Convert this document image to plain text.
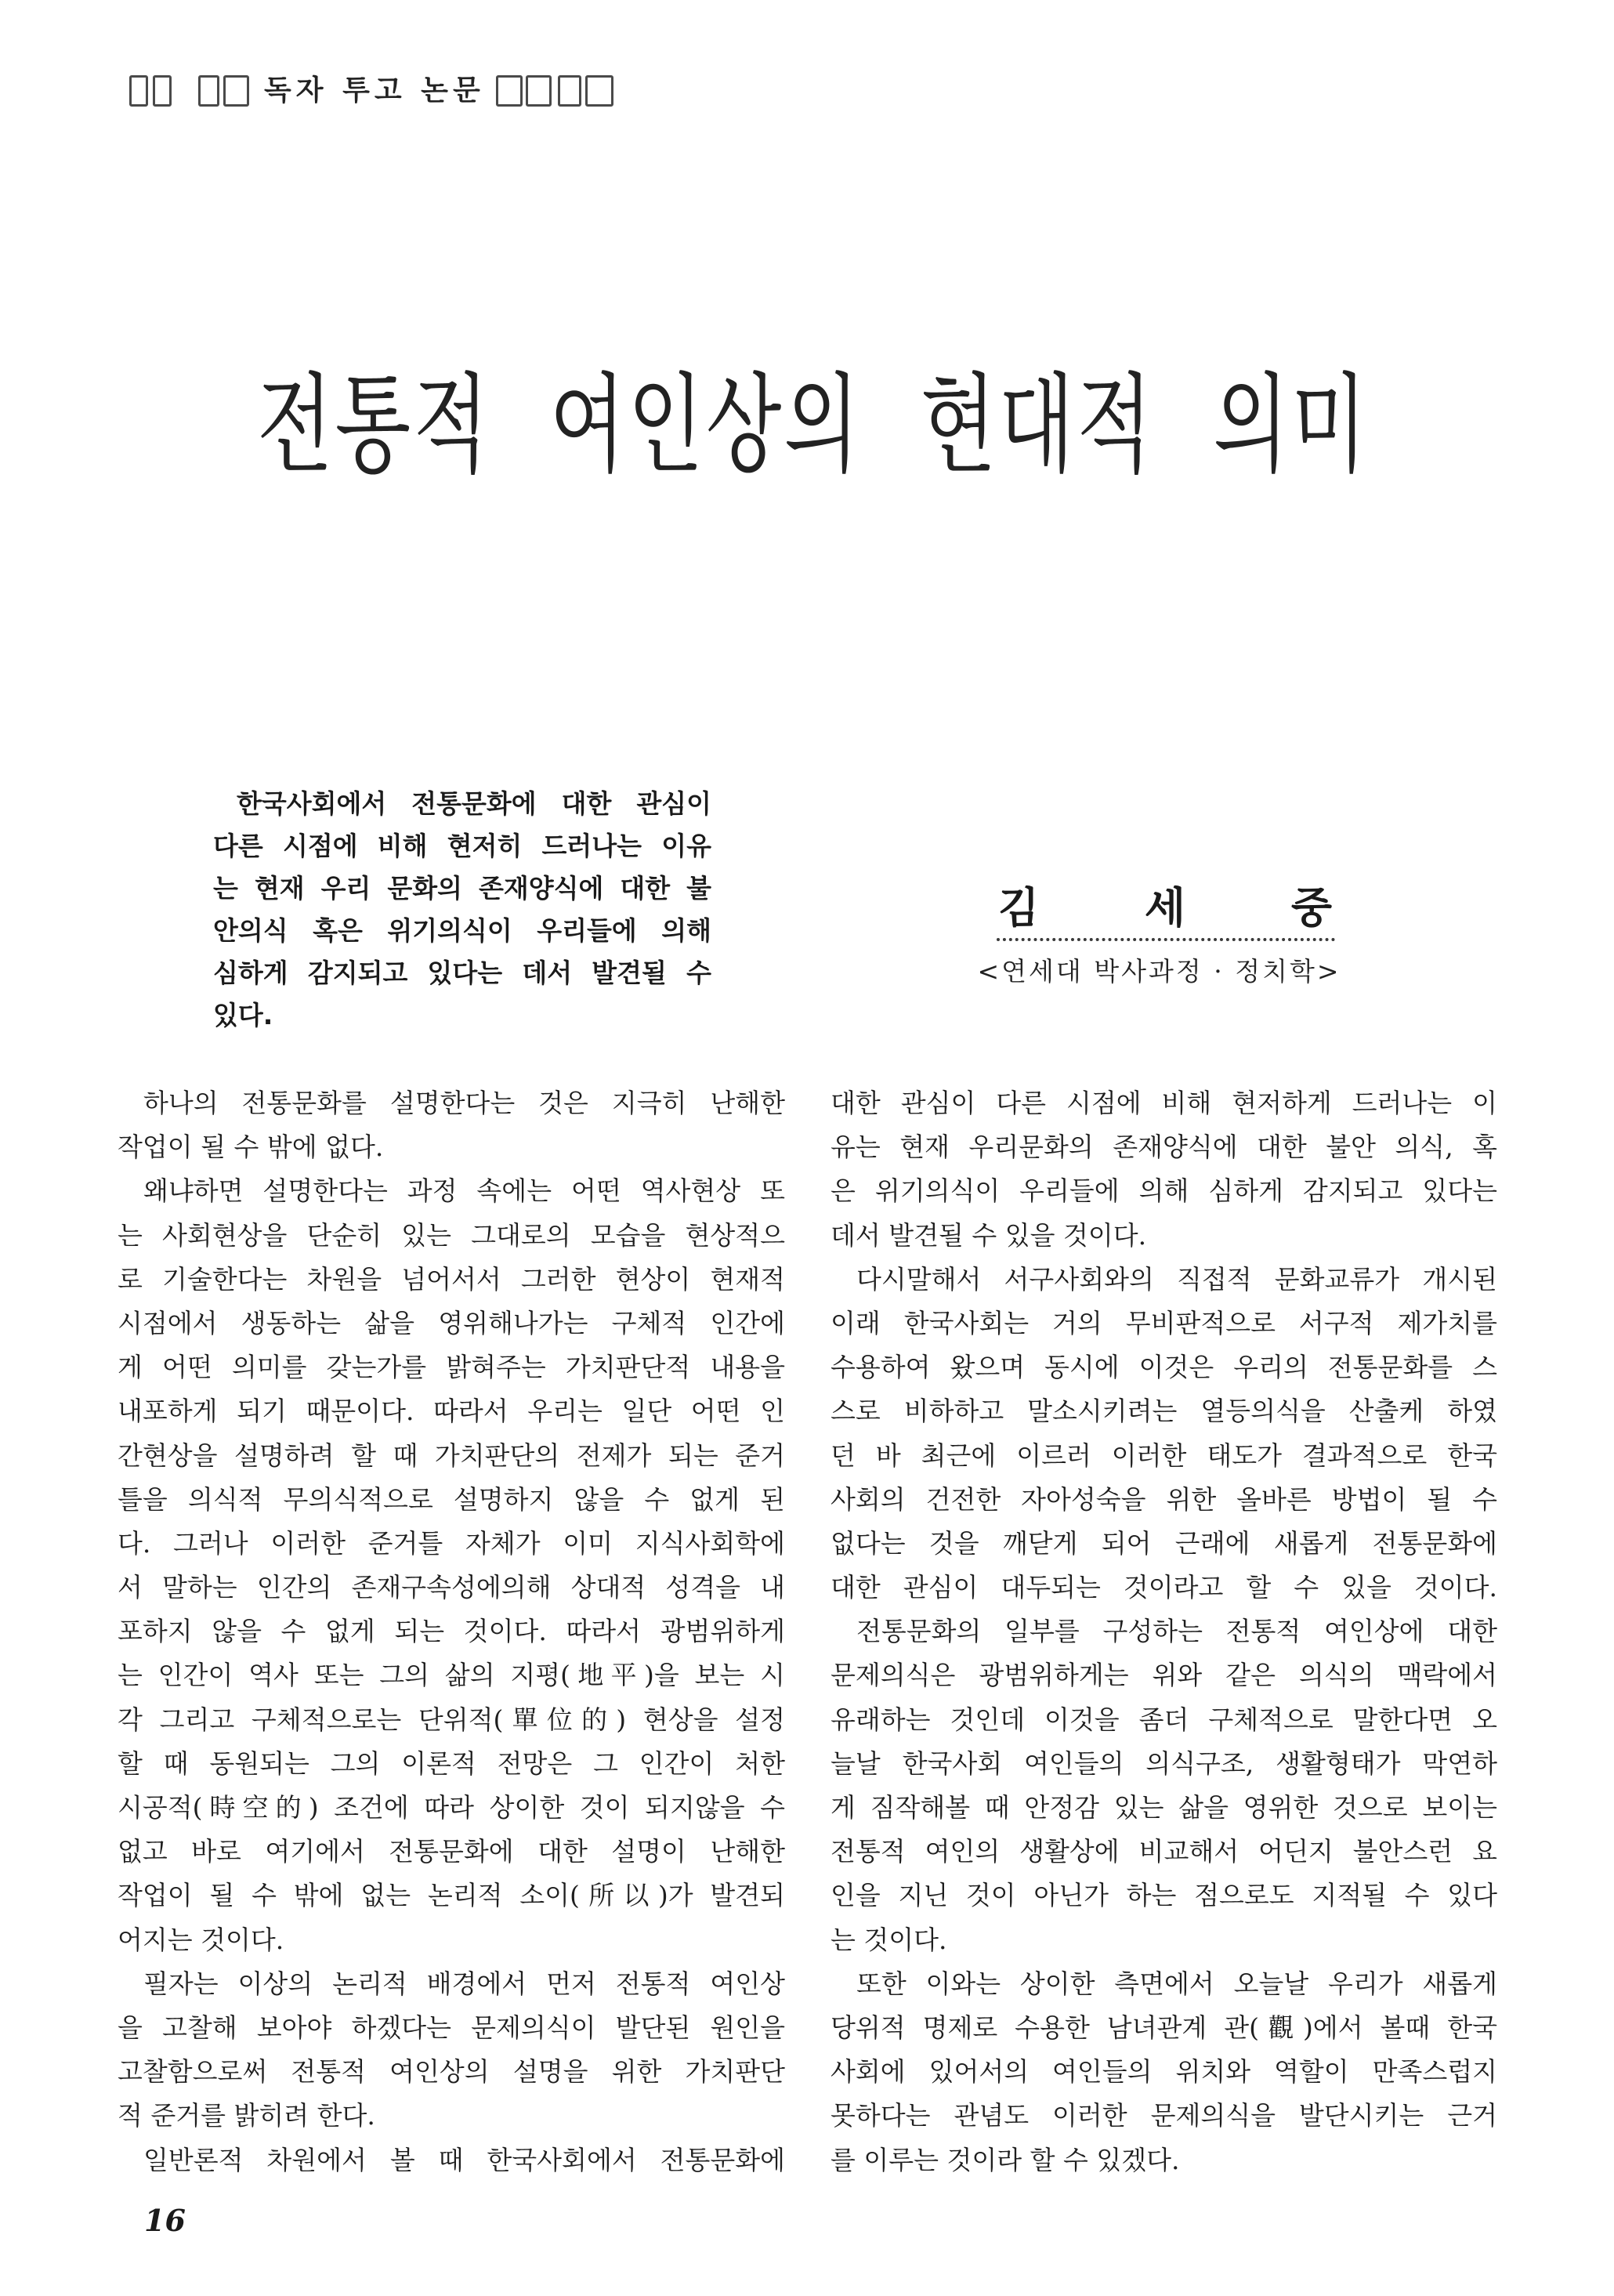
독자 투고 논문
전통적 여인상의 현대적 의미
한국사회에서 전통문화에 대한 관심이
다른 시점에 비해 현저히 드러나는 이유
는 현재 우리 문화의 존재양식에 대한 불
안의식 혹은 위기의식이 우리들에 의해
심하게 감지되고 있다는 데서 발견될 수
있다.
김 세 중
<연세대 박사과정 · 정치학>
하나의 전통문화를 설명한다는 것은 지극히 난해한
작업이 될 수 밖에 없다.
왜냐하면 설명한다는 과정 속에는 어떤 역사현상 또
는 사회현상을 단순히 있는 그대로의 모습을 현상적으
로 기술한다는 차원을 넘어서서 그러한 현상이 현재적
시점에서 생동하는 삶을 영위해나가는 구체적 인간에
게 어떤 의미를 갖는가를 밝혀주는 가치판단적 내용을
내포하게 되기 때문이다. 따라서 우리는 일단 어떤 인
간현상을 설명하려 할 때 가치판단의 전제가 되는 준거
틀을 의식적 무의식적으로 설명하지 않을 수 없게 된
다. 그러나 이러한 준거틀 자체가 이미 지식사회학에
서 말하는 인간의 존재구속성에의해 상대적 성격을 내
포하지 않을 수 없게 되는 것이다. 따라서 광범위하게
는 인간이 역사 또는 그의 삶의 지평(地平)을 보는 시
각 그리고 구체적으로는 단위적(單位的) 현상을 설정
할 때 동원되는 그의 이론적 전망은 그 인간이 처한
시공적(時空的) 조건에 따라 상이한 것이 되지않을 수
없고 바로 여기에서 전통문화에 대한 설명이 난해한
작업이 될 수 밖에 없는 논리적 소이(所以)가 발견되
어지는 것이다.
필자는 이상의 논리적 배경에서 먼저 전통적 여인상
을 고찰해 보아야 하겠다는 문제의식이 발단된 원인을
고찰함으로써 전통적 여인상의 설명을 위한 가치판단
적 준거를 밝히려 한다.
일반론적 차원에서 볼 때 한국사회에서 전통문화에
대한 관심이 다른 시점에 비해 현저하게 드러나는 이
유는 현재 우리문화의 존재양식에 대한 불안 의식, 혹
은 위기의식이 우리들에 의해 심하게 감지되고 있다는
데서 발견될 수 있을 것이다.
다시말해서 서구사회와의 직접적 문화교류가 개시된
이래 한국사회는 거의 무비판적으로 서구적 제가치를
수용하여 왔으며 동시에 이것은 우리의 전통문화를 스
스로 비하하고 말소시키려는 열등의식을 산출케 하였
던 바 최근에 이르러 이러한 태도가 결과적으로 한국
사회의 건전한 자아성숙을 위한 올바른 방법이 될 수
없다는 것을 깨닫게 되어 근래에 새롭게 전통문화에
대한 관심이 대두되는 것이라고 할 수 있을 것이다.
전통문화의 일부를 구성하는 전통적 여인상에 대한
문제의식은 광범위하게는 위와 같은 의식의 맥락에서
유래하는 것인데 이것을 좀더 구체적으로 말한다면 오
늘날 한국사회 여인들의 의식구조, 생활형태가 막연하
게 짐작해볼 때 안정감 있는 삶을 영위한 것으로 보이는
전통적 여인의 생활상에 비교해서 어딘지 불안스런 요
인을 지닌 것이 아닌가 하는 점으로도 지적될 수 있다
는 것이다.
또한 이와는 상이한 측면에서 오늘날 우리가 새롭게
당위적 명제로 수용한 남녀관계 관(觀)에서 볼때 한국
사회에 있어서의 여인들의 위치와 역할이 만족스럽지
못하다는 관념도 이러한 문제의식을 발단시키는 근거
를 이루는 것이라 할 수 있겠다.
16
